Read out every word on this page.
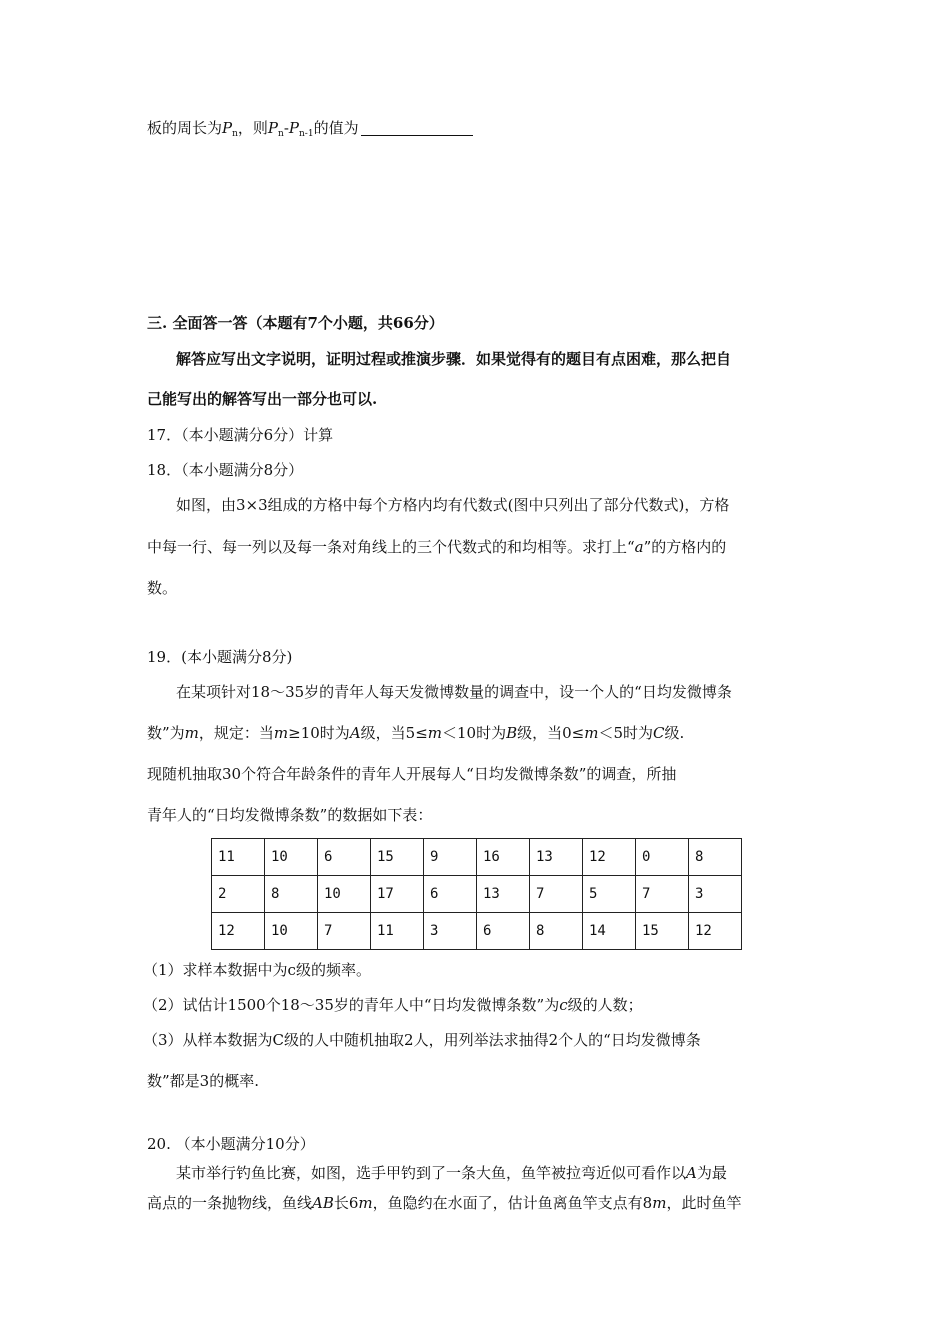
板的周长为$P_n$，则$P_n-P_{n-1}$的值为
三. 全面答一答（本题有7个小题，共66分）
解答应写出文字说明，证明过程或推演步骤．如果觉得有的题目有点困难，那么把自
己能写出的解答写出一部分也可以.
17．（本小题满分6分）计算
18．（本小题满分8分）
如图，由3×3组成的方格中每个方格内均有代数式(图中只列出了部分代数式)，方格
中每一行、每一列以及每一条对角线上的三个代数式的和均相等。求打上“a”的方格内的
数。
19．(本小题满分8分)
在某项针对18～35岁的青年人每天发微博数量的调查中，设一个人的“日均发微博条
数”为m，规定：当m≥10时为A级，当5≤m＜10时为B级，当0≤m＜5时为C级.
现随机抽取30个符合年龄条件的青年人开展每人“日均发微博条数”的调查，所抽
青年人的“日均发微博条数”的数据如下表：
11	10	6	15	9	16	13	12	0	8
2	8	10	17	6	13	7	5	7	3
12	10	7	11	3	6	8	14	15	12
（1）求样本数据中为c级的频率。
（2）试估计1500个18～35岁的青年人中“日均发微博条数”为c级的人数；
（3）从样本数据为C级的人中随机抽取2人，用列举法求抽得2个人的“日均发微博条
数”都是3的概率.
20. （本小题满分10分）
某市举行钓鱼比赛，如图，选手甲钓到了一条大鱼，鱼竿被拉弯近似可看作以A为最
高点的一条抛物线，鱼线AB长6m，鱼隐约在水面了，估计鱼离鱼竿支点有8m，此时鱼竿
